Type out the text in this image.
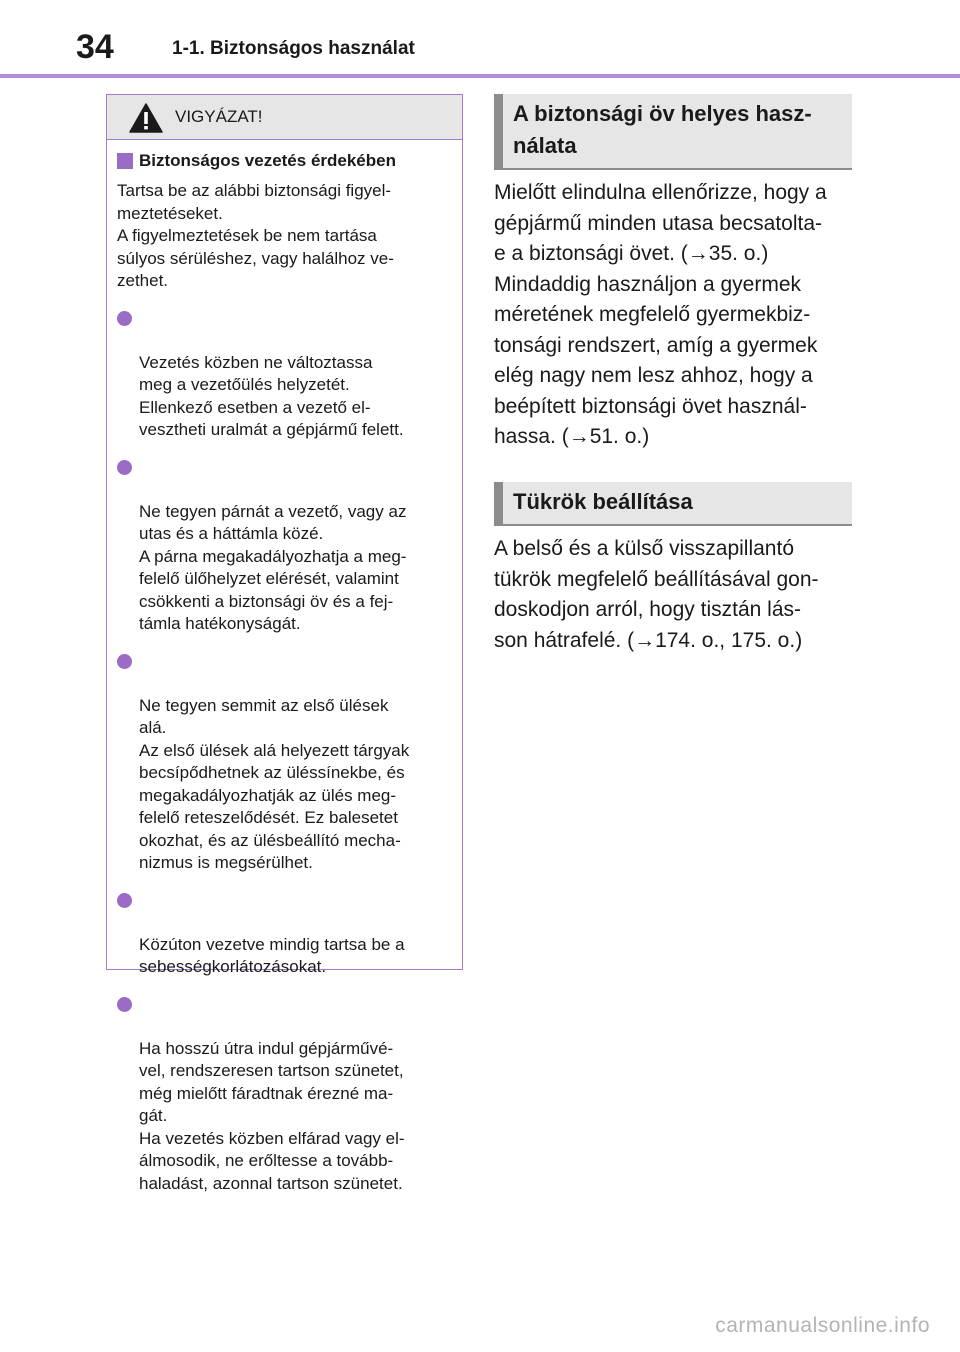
34	1-1. Biztonságos használat
VIGYÁZAT!
Biztonságos vezetés érdekében

Tartsa be az alábbi biztonsági figyel-
meztetéseket.
A figyelmeztetések be nem tartása
súlyos sérüléshez, vagy halálhoz ve-
zethet.

Vezetés közben ne változtassa
meg a vezetőülés helyzetét.
Ellenkező esetben a vezető el-
vesztheti uralmát a gépjármű felett.

Ne tegyen párnát a vezető, vagy az
utas és a háttámla közé.
A párna megakadályozhatja a meg-
felelő ülőhelyzet elérését, valamint
csökkenti a biztonsági öv és a fej-
támla hatékonyságát.

Ne tegyen semmit az első ülések
alá.
Az első ülések alá helyezett tárgyak
becsípődhetnek az üléssínekbe, és
megakadályozhatják az ülés meg-
felelő reteszelődését. Ez balesetet
okozhat, és az ülésbeállító mecha-
nizmus is megsérülhet.

Közúton vezetve mindig tartsa be a
sebességkorlátozásokat.

Ha hosszú útra indul gépjárművé-
vel, rendszeresen tartson szünetet,
még mielőtt fáradtnak érezné ma-
gát.
Ha vezetés közben elfárad vagy el-
álmosodik, ne erőltesse a tovább-
haladást, azonnal tartson szünetet.

A biztonsági öv helyes hasz-
nálata
Mielőtt elindulna ellenőrizze, hogy a
gépjármű minden utasa becsatolta-
e a biztonsági övet. (→35. o.)
Mindaddig használjon a gyermek
méretének megfelelő gyermekbiz-
tonsági rendszert, amíg a gyermek
elég nagy nem lesz ahhoz, hogy a
beépített biztonsági övet használ-
hassa. (→51. o.)
Tükrök beállítása
A belső és a külső visszapillantó
tükrök megfelelő beállításával gon-
doskodjon arról, hogy tisztán lás-
son hátrafelé. (→174. o., 175. o.)
carmanualsonline.info
